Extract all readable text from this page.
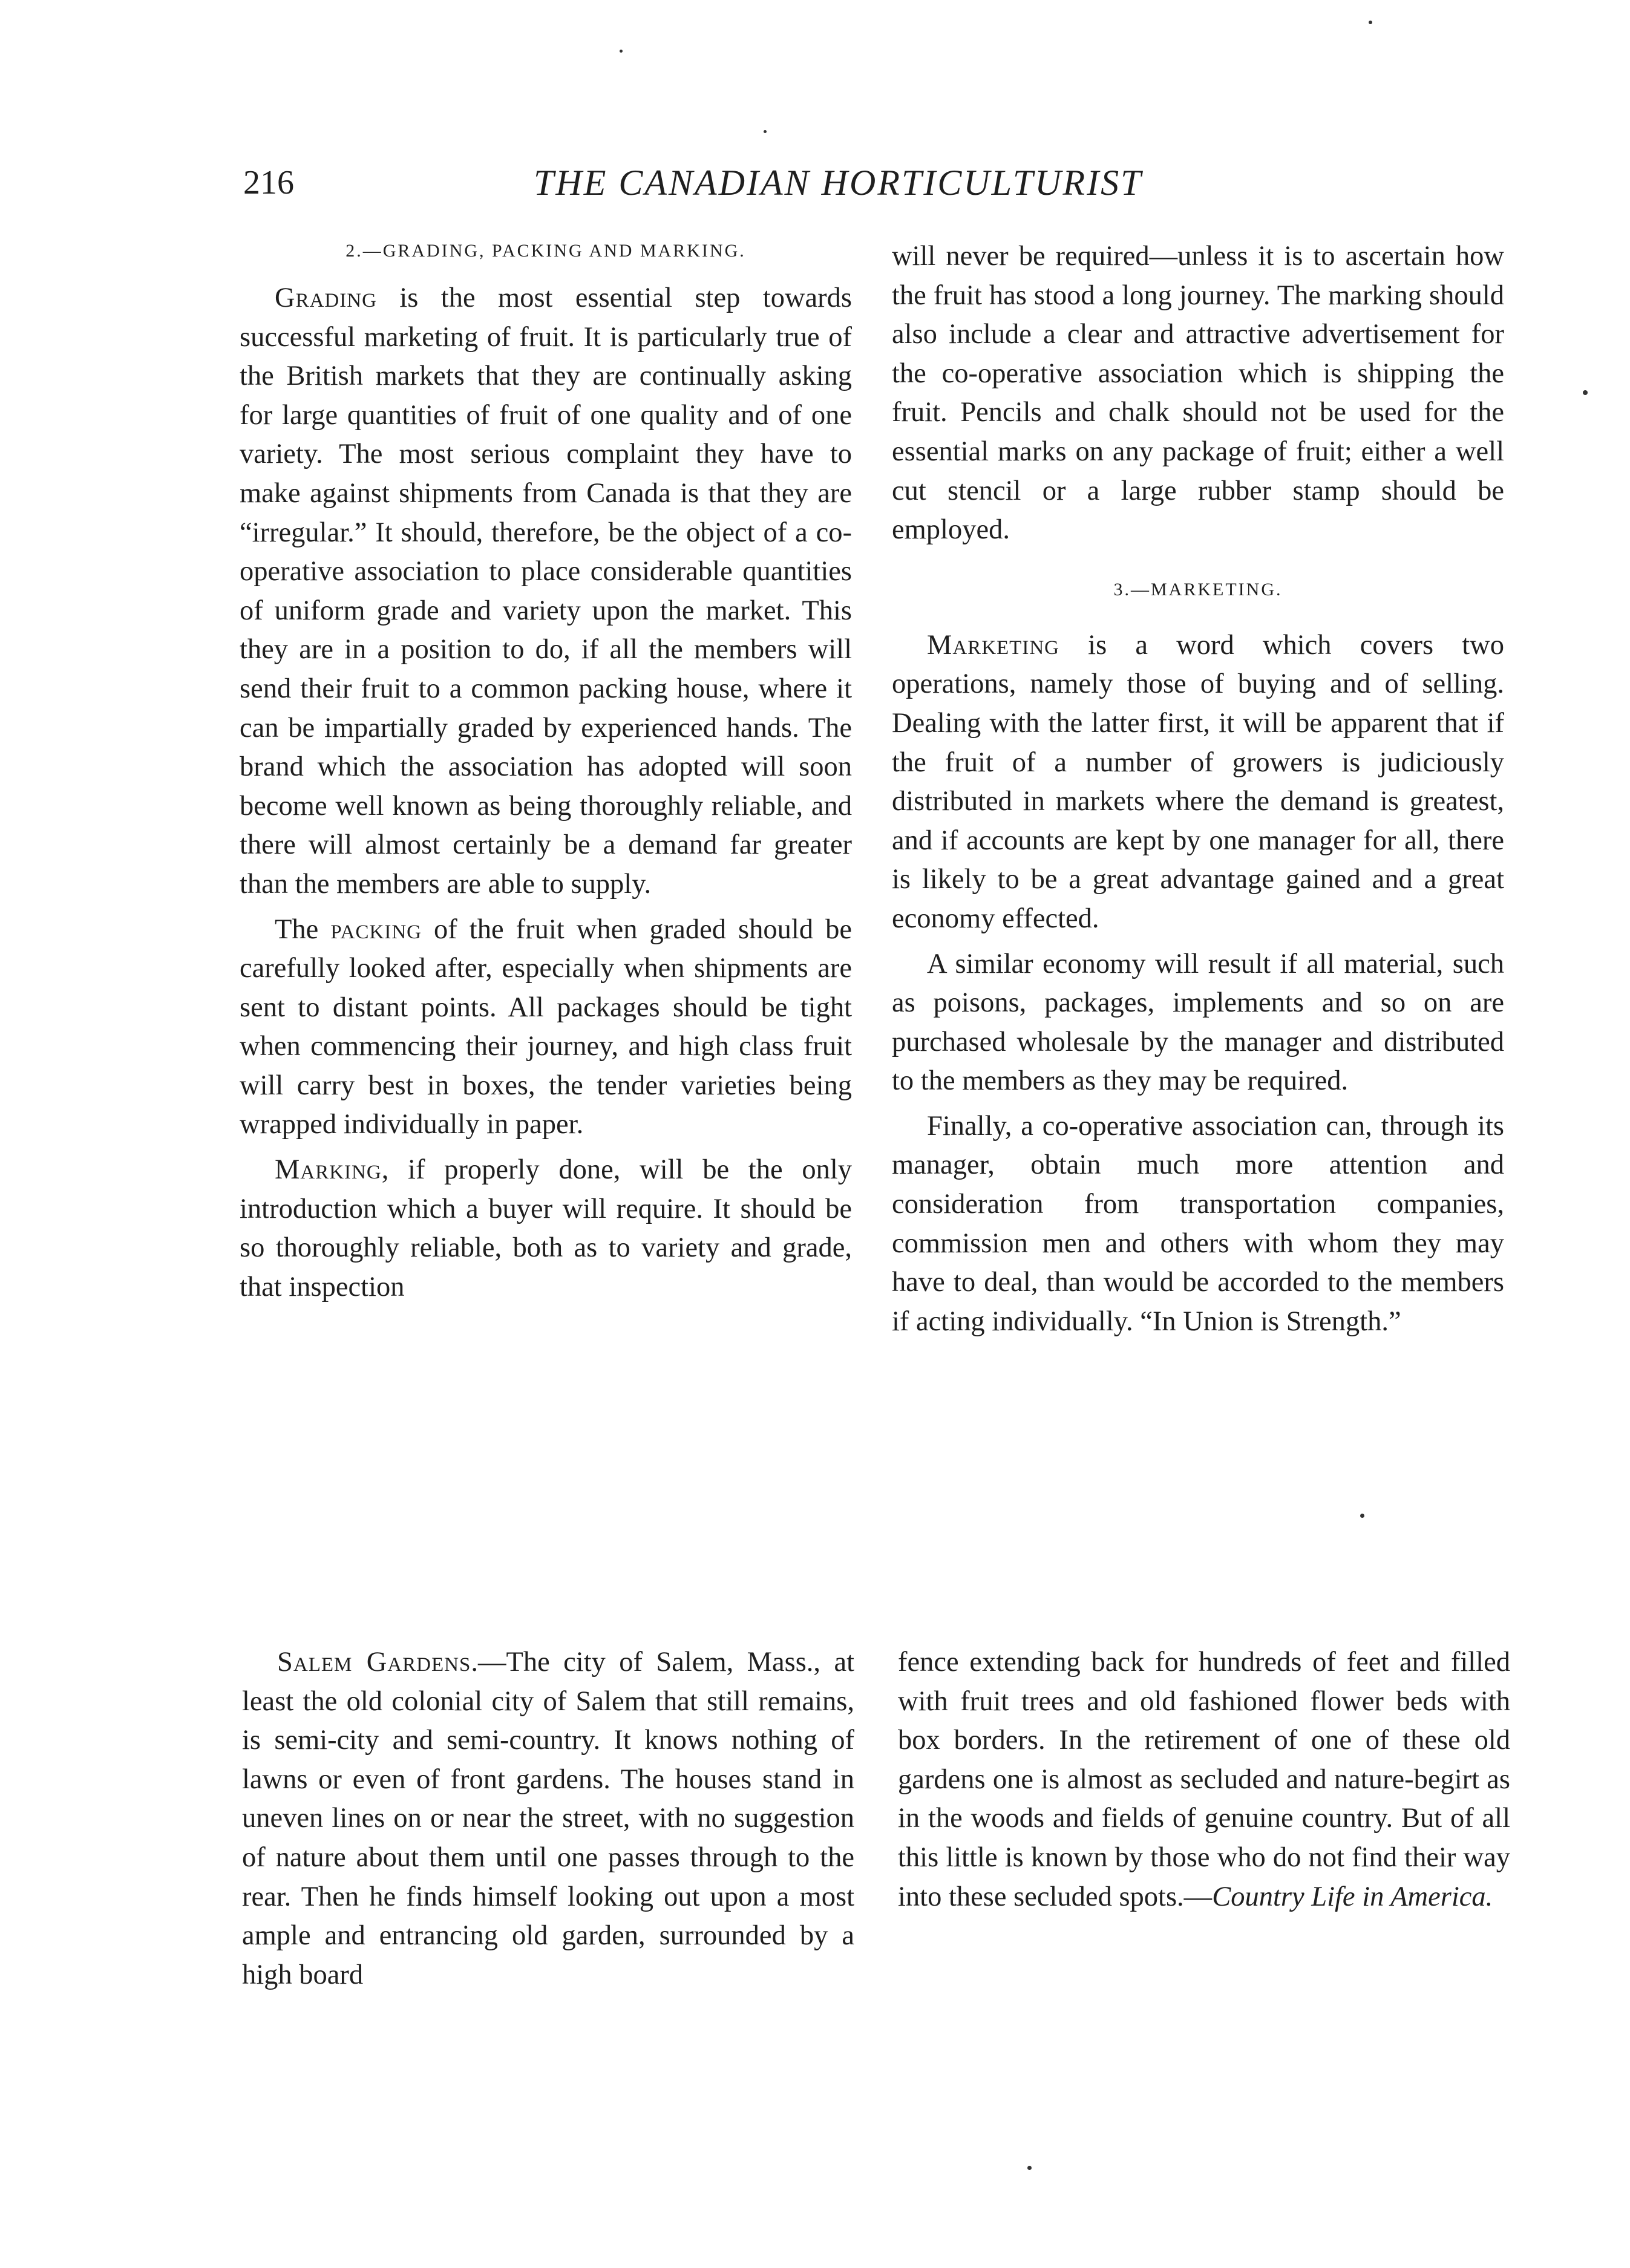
216	THE CANADIAN HORTICULTURIST
2.—GRADING, PACKING AND MARKING.

Grading is the most essential step towards successful marketing of fruit. It is particularly true of the British markets that they are continually asking for large quantities of fruit of one quality and of one variety. The most serious complaint they have to make against shipments from Canada is that they are “irregular.” It should, therefore, be the object of a co-operative association to place considerable quantities of uniform grade and variety upon the market. This they are in a position to do, if all the members will send their fruit to a common packing house, where it can be impartially graded by experienced hands. The brand which the association has adopted will soon become well known as being thoroughly reliable, and there will almost certainly be a demand far greater than the members are able to supply.

The packing of the fruit when graded should be carefully looked after, especially when shipments are sent to distant points. All packages should be tight when commencing their journey, and high class fruit will carry best in boxes, the tender varieties being wrapped individually in paper.

Marking, if properly done, will be the only introduction which a buyer will require. It should be so thoroughly reliable, both as to variety and grade, that inspection

will never be required—unless it is to ascertain how the fruit has stood a long journey. The marking should also include a clear and attractive advertisement for the co-operative association which is shipping the fruit. Pencils and chalk should not be used for the essential marks on any package of fruit; either a well cut stencil or a large rubber stamp should be employed.

3.—MARKETING.

Marketing is a word which covers two operations, namely those of buying and of selling. Dealing with the latter first, it will be apparent that if the fruit of a number of growers is judiciously distributed in markets where the demand is greatest, and if accounts are kept by one manager for all, there is likely to be a great advantage gained and a great economy effected.

A similar economy will result if all material, such as poisons, packages, implements and so on are purchased wholesale by the manager and distributed to the members as they may be required.

Finally, a co-operative association can, through its manager, obtain much more attention and consideration from transportation companies, commission men and others with whom they may have to deal, than would be accorded to the members if acting individually. “In Union is Strength.”

Salem Gardens.—The city of Salem, Mass., at least the old colonial city of Salem that still remains, is semi-city and semi-country. It knows nothing of lawns or even of front gardens. The houses stand in uneven lines on or near the street, with no suggestion of nature about them until one passes through to the rear. Then he finds himself looking out upon a most ample and entrancing old garden, surrounded by a high board

fence extending back for hundreds of feet and filled with fruit trees and old fashioned flower beds with box borders. In the retirement of one of these old gardens one is almost as secluded and nature-begirt as in the woods and fields of genuine country. But of all this little is known by those who do not find their way into these secluded spots.—Country Life in America.
